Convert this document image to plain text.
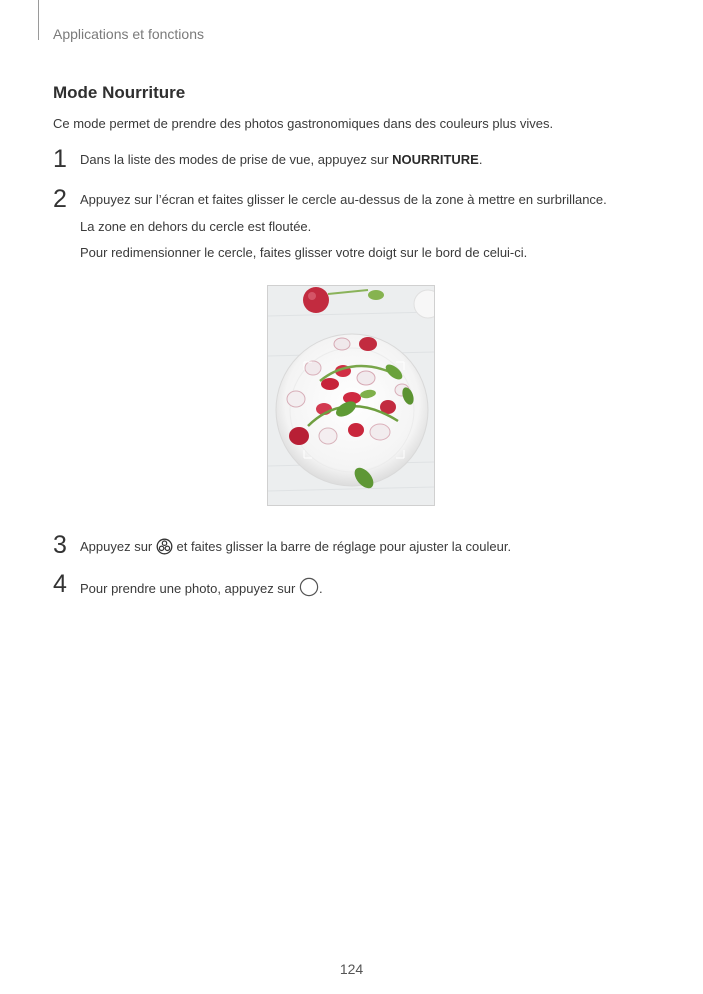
Applications et fonctions
Mode Nourriture
Ce mode permet de prendre des photos gastronomiques dans des couleurs plus vives.
1 Dans la liste des modes de prise de vue, appuyez sur NOURRITURE.
2 Appuyez sur l’écran et faites glisser le cercle au-dessus de la zone à mettre en surbrillance.
La zone en dehors du cercle est floutée.
Pour redimensionner le cercle, faites glisser votre doigt sur le bord de celui-ci.
3 Appuyez sur  et faites glisser la barre de réglage pour ajuster la couleur.
4 Pour prendre une photo, appuyez sur .
124
